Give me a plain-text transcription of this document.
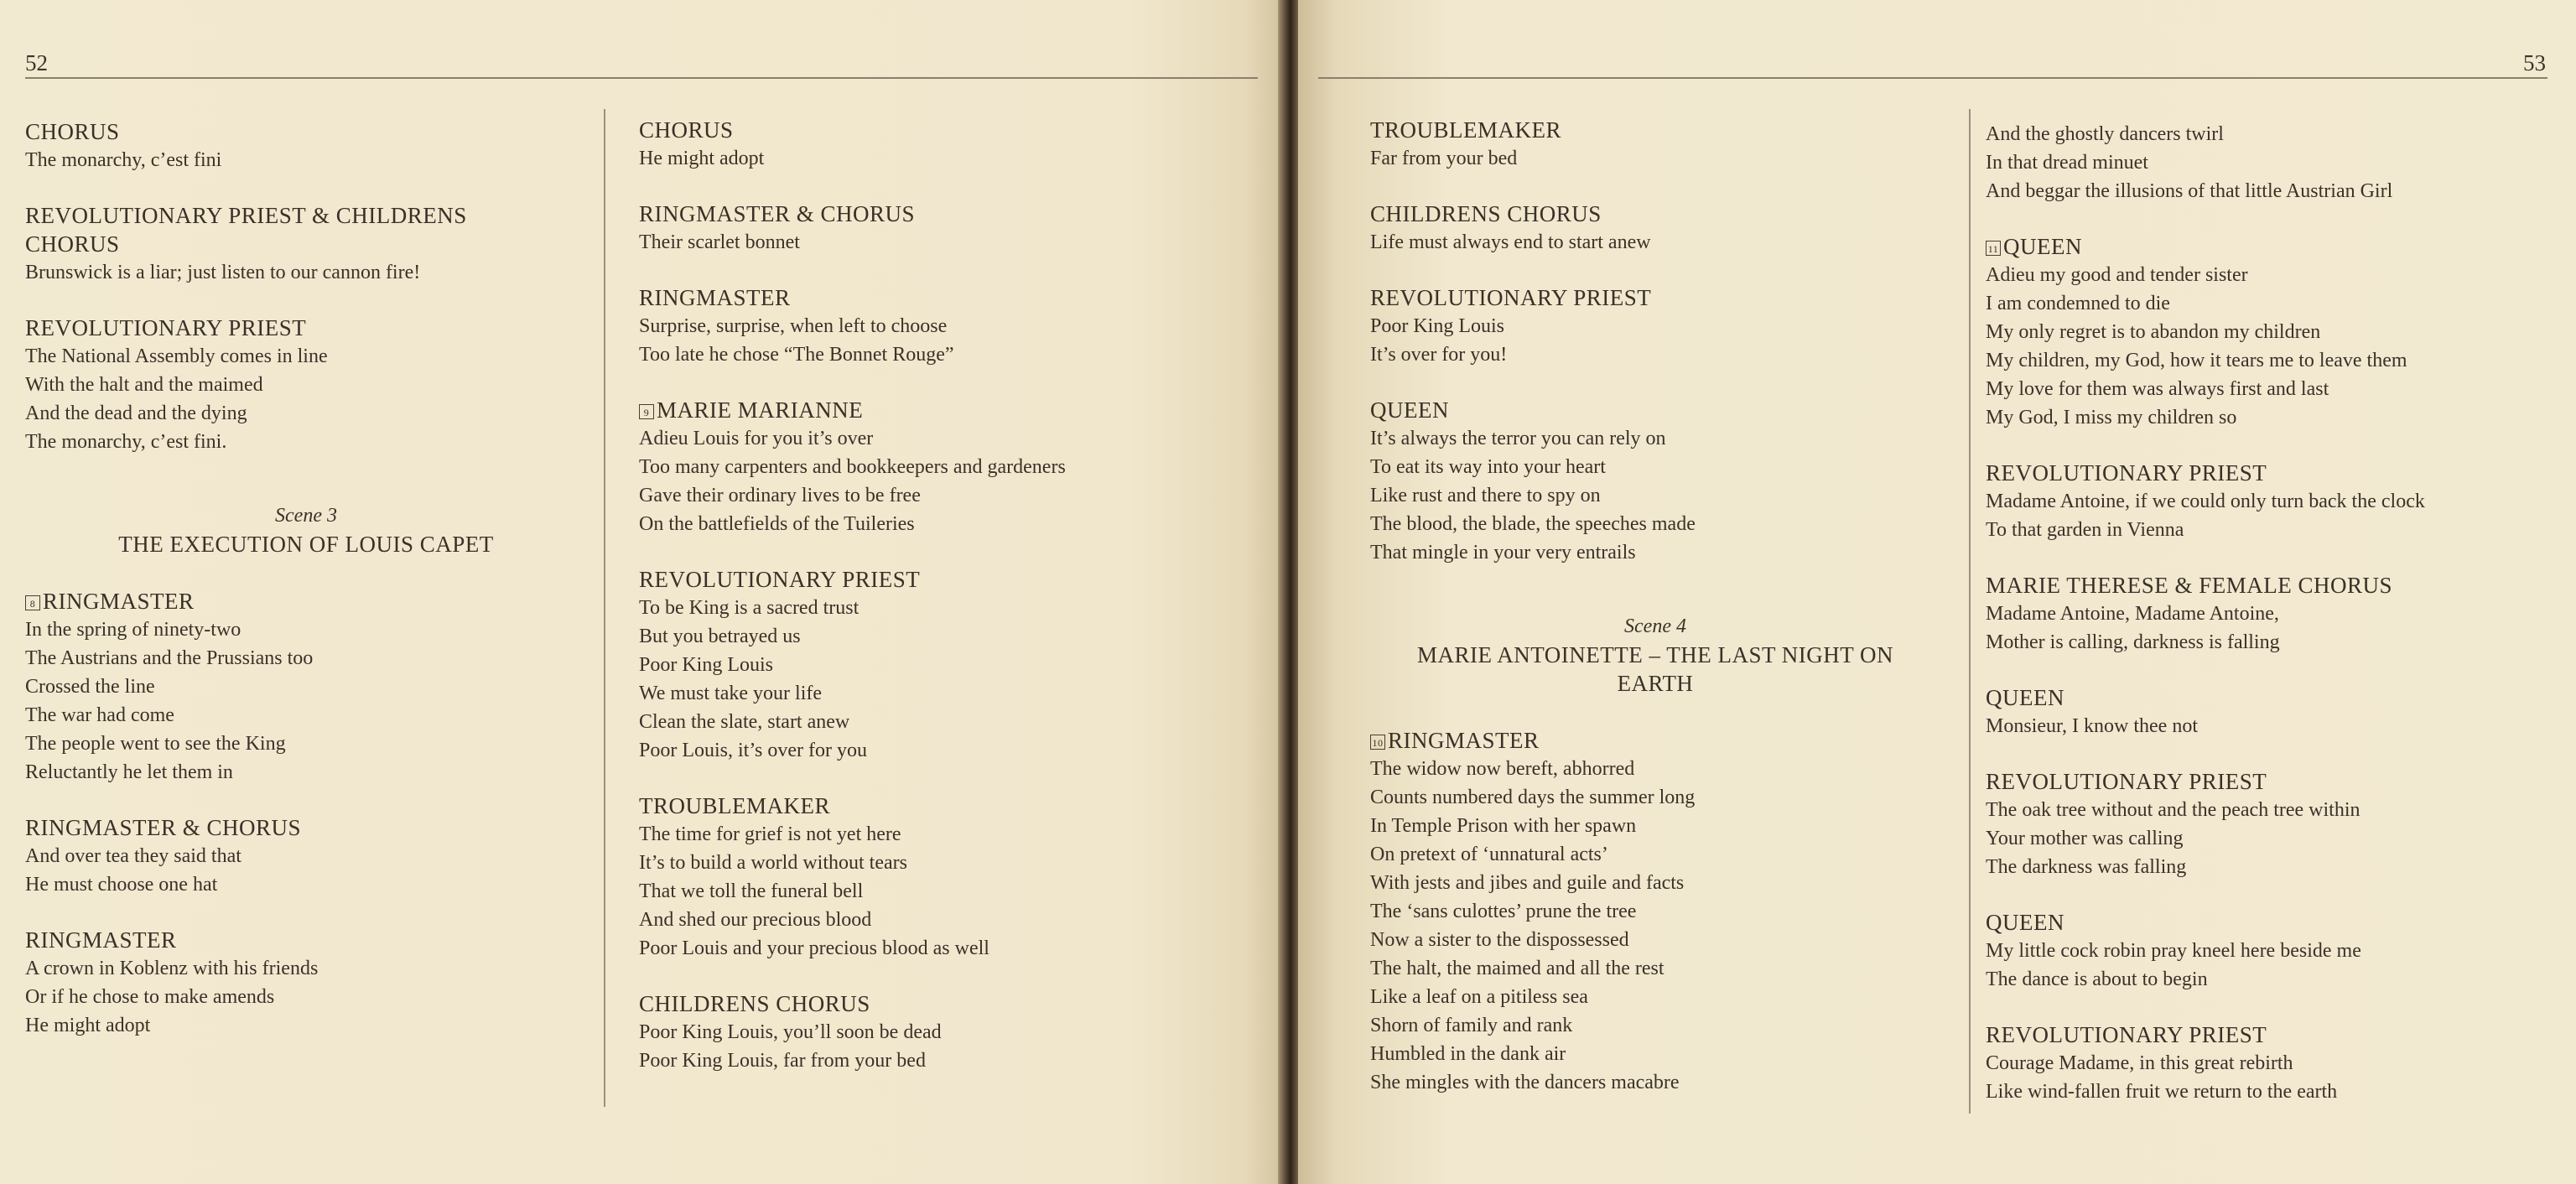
52
CHORUS
The monarchy, c’est fini
REVOLUTIONARY PRIEST & CHILDRENS
CHORUS
Brunswick is a liar; just listen to our cannon fire!
REVOLUTIONARY PRIEST
The National Assembly comes in line
With the halt and the maimed
And the dead and the dying
The monarchy, c’est fini.
Scene 3
THE EXECUTION OF LOUIS CAPET
8 RINGMASTER
In the spring of ninety-two
The Austrians and the Prussians too
Crossed the line
The war had come
The people went to see the King
Reluctantly he let them in
RINGMASTER & CHORUS
And over tea they said that
He must choose one hat
RINGMASTER
A crown in Koblenz with his friends
Or if he chose to make amends
He might adopt
CHORUS
He might adopt
RINGMASTER & CHORUS
Their scarlet bonnet
RINGMASTER
Surprise, surprise, when left to choose
Too late he chose “The Bonnet Rouge”
9 MARIE MARIANNE
Adieu Louis for you it’s over
Too many carpenters and bookkeepers and gardeners
Gave their ordinary lives to be free
On the battlefields of the Tuileries
REVOLUTIONARY PRIEST
To be King is a sacred trust
But you betrayed us
Poor King Louis
We must take your life
Clean the slate, start anew
Poor Louis, it’s over for you
TROUBLEMAKER
The time for grief is not yet here
It’s to build a world without tears
That we toll the funeral bell
And shed our precious blood
Poor Louis and your precious blood as well
CHILDRENS CHORUS
Poor King Louis, you’ll soon be dead
Poor King Louis, far from your bed
53
TROUBLEMAKER
Far from your bed
CHILDRENS CHORUS
Life must always end to start anew
REVOLUTIONARY PRIEST
Poor King Louis
It’s over for you!
QUEEN
It’s always the terror you can rely on
To eat its way into your heart
Like rust and there to spy on
The blood, the blade, the speeches made
That mingle in your very entrails
Scene 4
MARIE ANTOINETTE – THE LAST NIGHT ON
EARTH
10 RINGMASTER
The widow now bereft, abhorred
Counts numbered days the summer long
In Temple Prison with her spawn
On pretext of ‘unnatural acts’
With jests and jibes and guile and facts
The ‘sans culottes’ prune the tree
Now a sister to the dispossessed
The halt, the maimed and all the rest
Like a leaf on a pitiless sea
Shorn of family and rank
Humbled in the dank air
She mingles with the dancers macabre
And the ghostly dancers twirl
In that dread minuet
And beggar the illusions of that little Austrian Girl
11 QUEEN
Adieu my good and tender sister
I am condemned to die
My only regret is to abandon my children
My children, my God, how it tears me to leave them
My love for them was always first and last
My God, I miss my children so
REVOLUTIONARY PRIEST
Madame Antoine, if we could only turn back the clock
To that garden in Vienna
MARIE THERESE & FEMALE CHORUS
Madame Antoine, Madame Antoine,
Mother is calling, darkness is falling
QUEEN
Monsieur, I know thee not
REVOLUTIONARY PRIEST
The oak tree without and the peach tree within
Your mother was calling
The darkness was falling
QUEEN
My little cock robin pray kneel here beside me
The dance is about to begin
REVOLUTIONARY PRIEST
Courage Madame, in this great rebirth
Like wind-fallen fruit we return to the earth
